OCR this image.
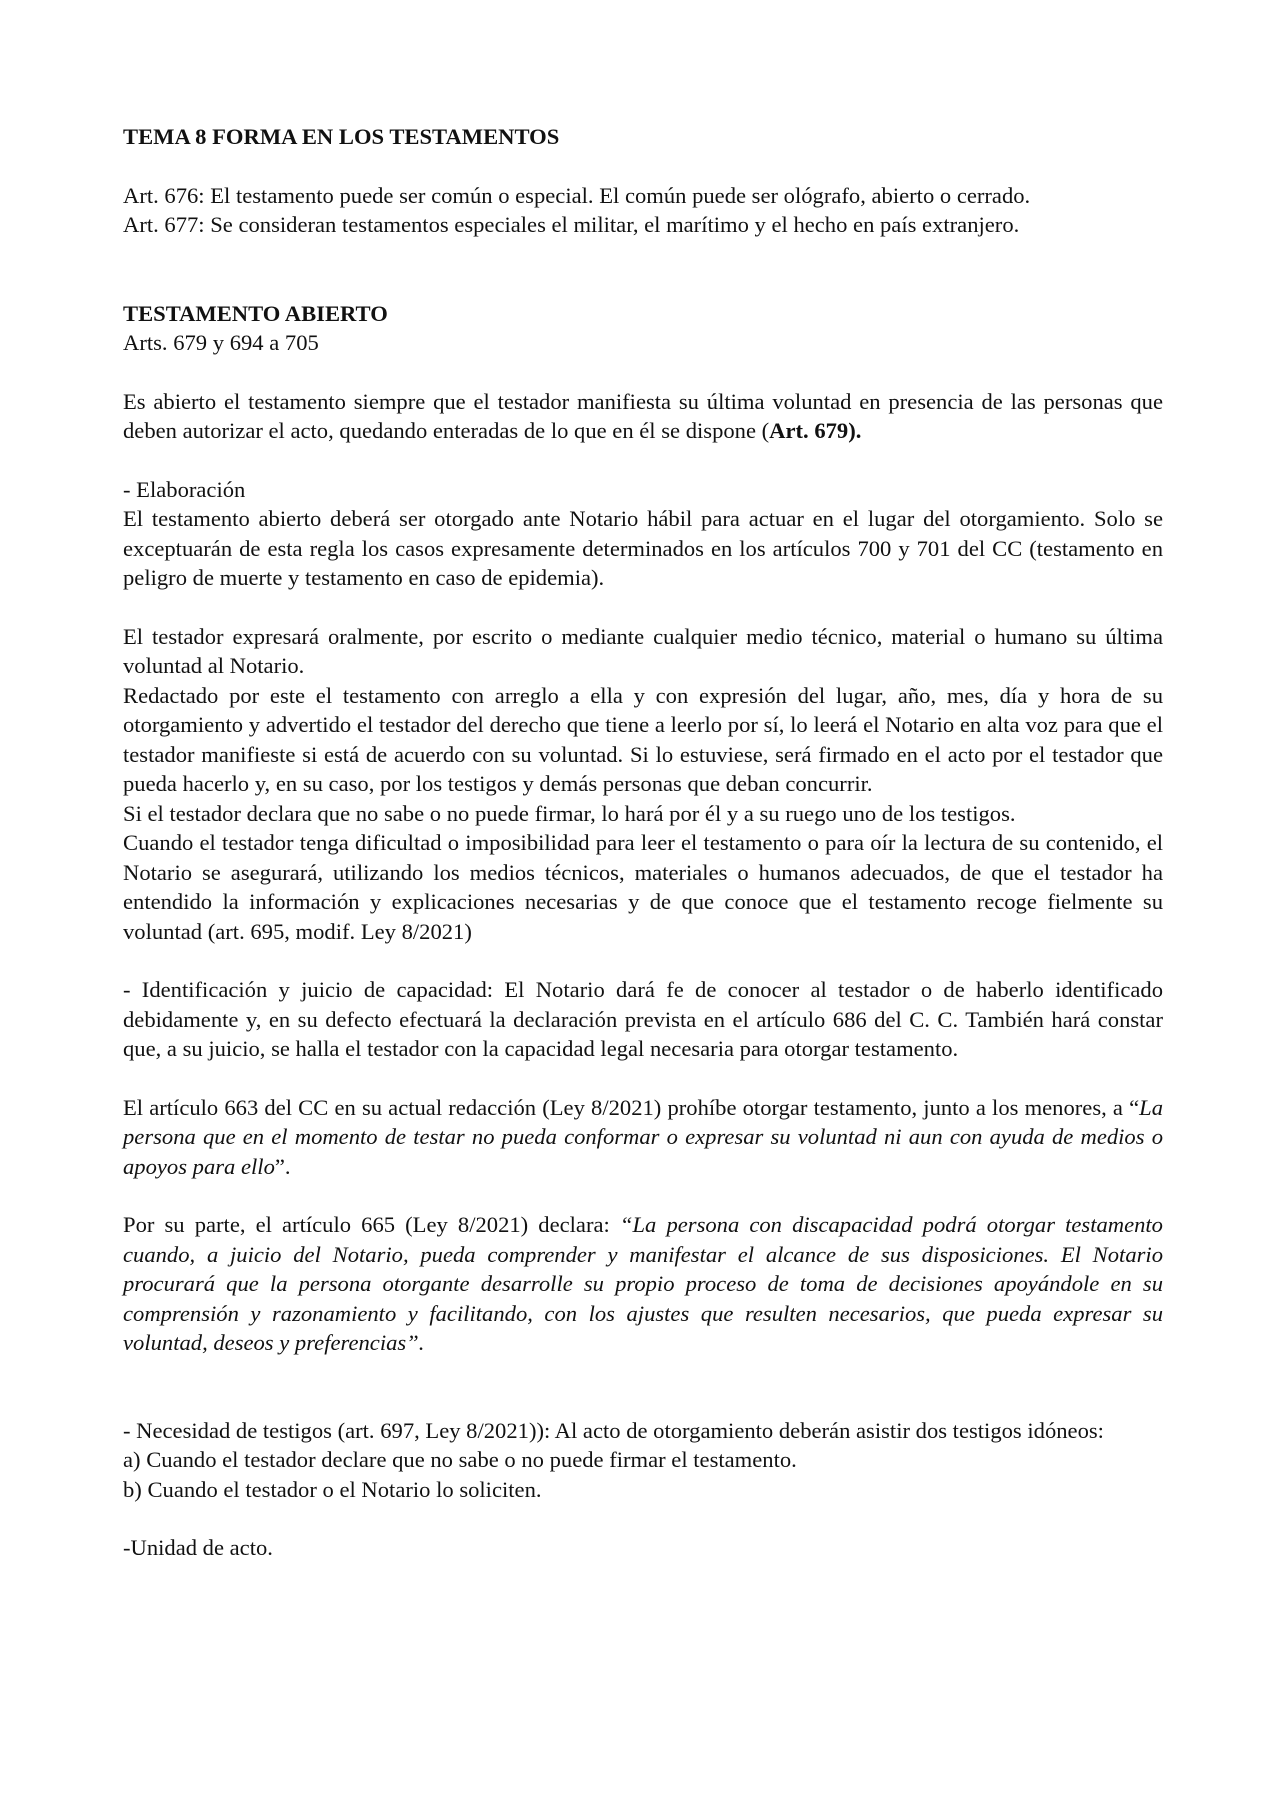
TEMA 8 FORMA EN LOS TESTAMENTOS

Art. 676: El testamento puede ser común o especial. El común puede ser ológrafo, abierto o cerrado.

Art. 677: Se consideran testamentos especiales el militar, el marítimo y el hecho en país extranjero.

TESTAMENTO ABIERTO

Arts. 679 y 694 a 705

Es abierto el testamento siempre que el testador manifiesta su última voluntad en presencia de las personas que deben autorizar el acto, quedando enteradas de lo que en él se dispone (Art. 679).

- Elaboración

El testamento abierto deberá ser otorgado ante Notario hábil para actuar en el lugar del otorgamiento. Solo se exceptuarán de esta regla los casos expresamente determinados en los artículos 700 y 701 del CC (testamento en peligro de muerte y testamento en caso de epidemia).

El testador expresará oralmente, por escrito o mediante cualquier medio técnico, material o humano su última voluntad al Notario.

Redactado por este el testamento con arreglo a ella y con expresión del lugar, año, mes, día y hora de su otorgamiento y advertido el testador del derecho que tiene a leerlo por sí, lo leerá el Notario en alta voz para que el testador manifieste si está de acuerdo con su voluntad. Si lo estuviese, será firmado en el acto por el testador que pueda hacerlo y, en su caso, por los testigos y demás personas que deban concurrir.

Si el testador declara que no sabe o no puede firmar, lo hará por él y a su ruego uno de los testigos.

Cuando el testador tenga dificultad o imposibilidad para leer el testamento o para oír la lectura de su contenido, el Notario se asegurará, utilizando los medios técnicos, materiales o humanos adecuados, de que el testador ha entendido la información y explicaciones necesarias y de que conoce que el testamento recoge fielmente su voluntad (art. 695, modif. Ley 8/2021)

- Identificación y juicio de capacidad: El Notario dará fe de conocer al testador o de haberlo identificado debidamente y, en su defecto efectuará la declaración prevista en el artículo 686 del C. C. También hará constar que, a su juicio, se halla el testador con la capacidad legal necesaria para otorgar testamento.

El artículo 663 del CC en su actual redacción (Ley 8/2021) prohíbe otorgar testamento, junto a los menores, a “La persona que en el momento de testar no pueda conformar o expresar su voluntad ni aun con ayuda de medios o apoyos para ello”.

Por su parte, el artículo 665 (Ley 8/2021) declara: “La persona con discapacidad podrá otorgar testamento cuando, a juicio del Notario, pueda comprender y manifestar el alcance de sus disposiciones. El Notario procurará que la persona otorgante desarrolle su propio proceso de toma de decisiones apoyándole en su comprensión y razonamiento y facilitando, con los ajustes que resulten necesarios, que pueda expresar su voluntad, deseos y preferencias”.

- Necesidad de testigos (art. 697, Ley 8/2021)): Al acto de otorgamiento deberán asistir dos testigos idóneos:

a) Cuando el testador declare que no sabe o no puede firmar el testamento.

b) Cuando el testador o el Notario lo soliciten.

-Unidad de acto.
